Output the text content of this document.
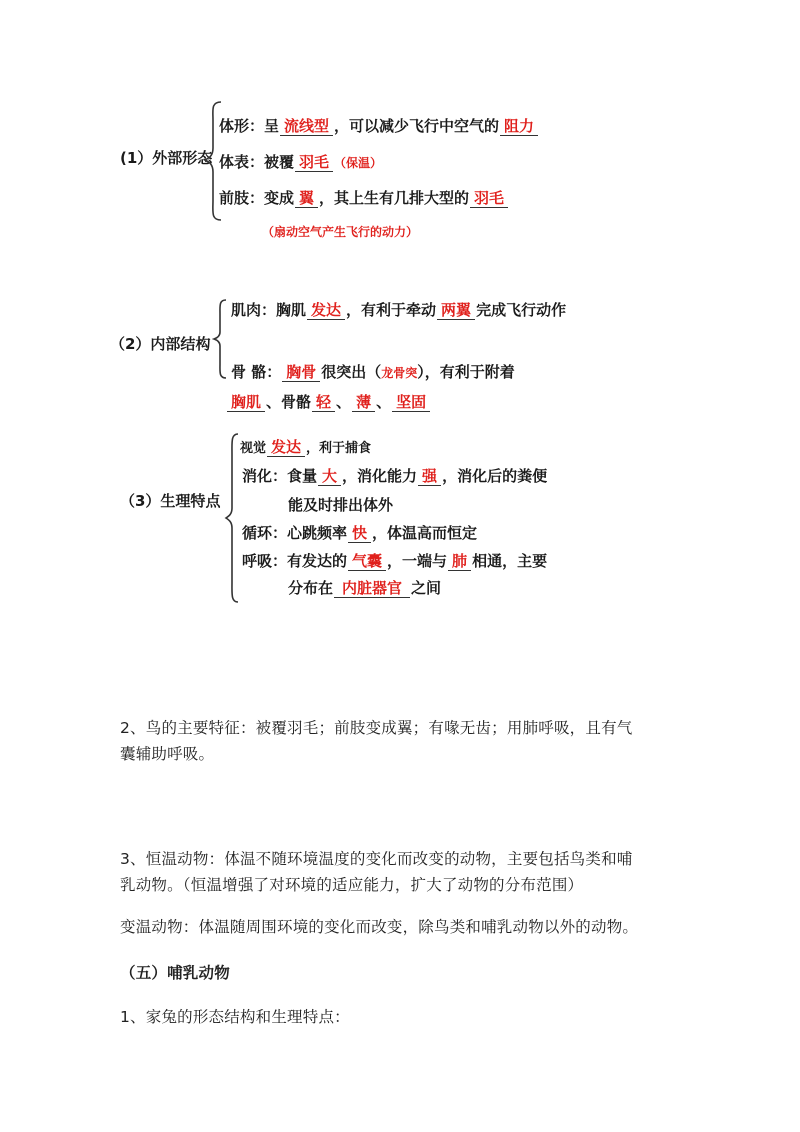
(1）外部形态
体形：呈 流线型 ，可以减少飞行中空气的 阻力
体表：被覆 羽毛 （保温）
前肢：变成 翼 ，其上生有几排大型的 羽毛
（扇动空气产生飞行的动力）
（2）内部结构
肌肉：胸肌 发达 ，有利于牵动 两翼 完成飞行动作
骨 骼： 胸骨 很突出（龙骨突），有利于附着
胸肌 、骨骼 轻 、 薄 、 坚固
（3）生理特点
视觉 发达 ，利于捕食
消化：食量 大 ，消化能力 强 ，消化后的粪便
能及时排出体外
循环：心跳频率 快 ，体温高而恒定
呼吸：有发达的 气囊 ，一端与 肺 相通，主要
分布在 内脏器官 之间
2、鸟的主要特征：被覆羽毛；前肢变成翼；有喙无齿；用肺呼吸，且有气
囊辅助呼吸。
3、恒温动物：体温不随环境温度的变化而改变的动物，主要包括鸟类和哺
乳动物。（恒温增强了对环境的适应能力，扩大了动物的分布范围）
变温动物：体温随周围环境的变化而改变，除鸟类和哺乳动物以外的动物。
（五）哺乳动物
1、家兔的形态结构和生理特点：
